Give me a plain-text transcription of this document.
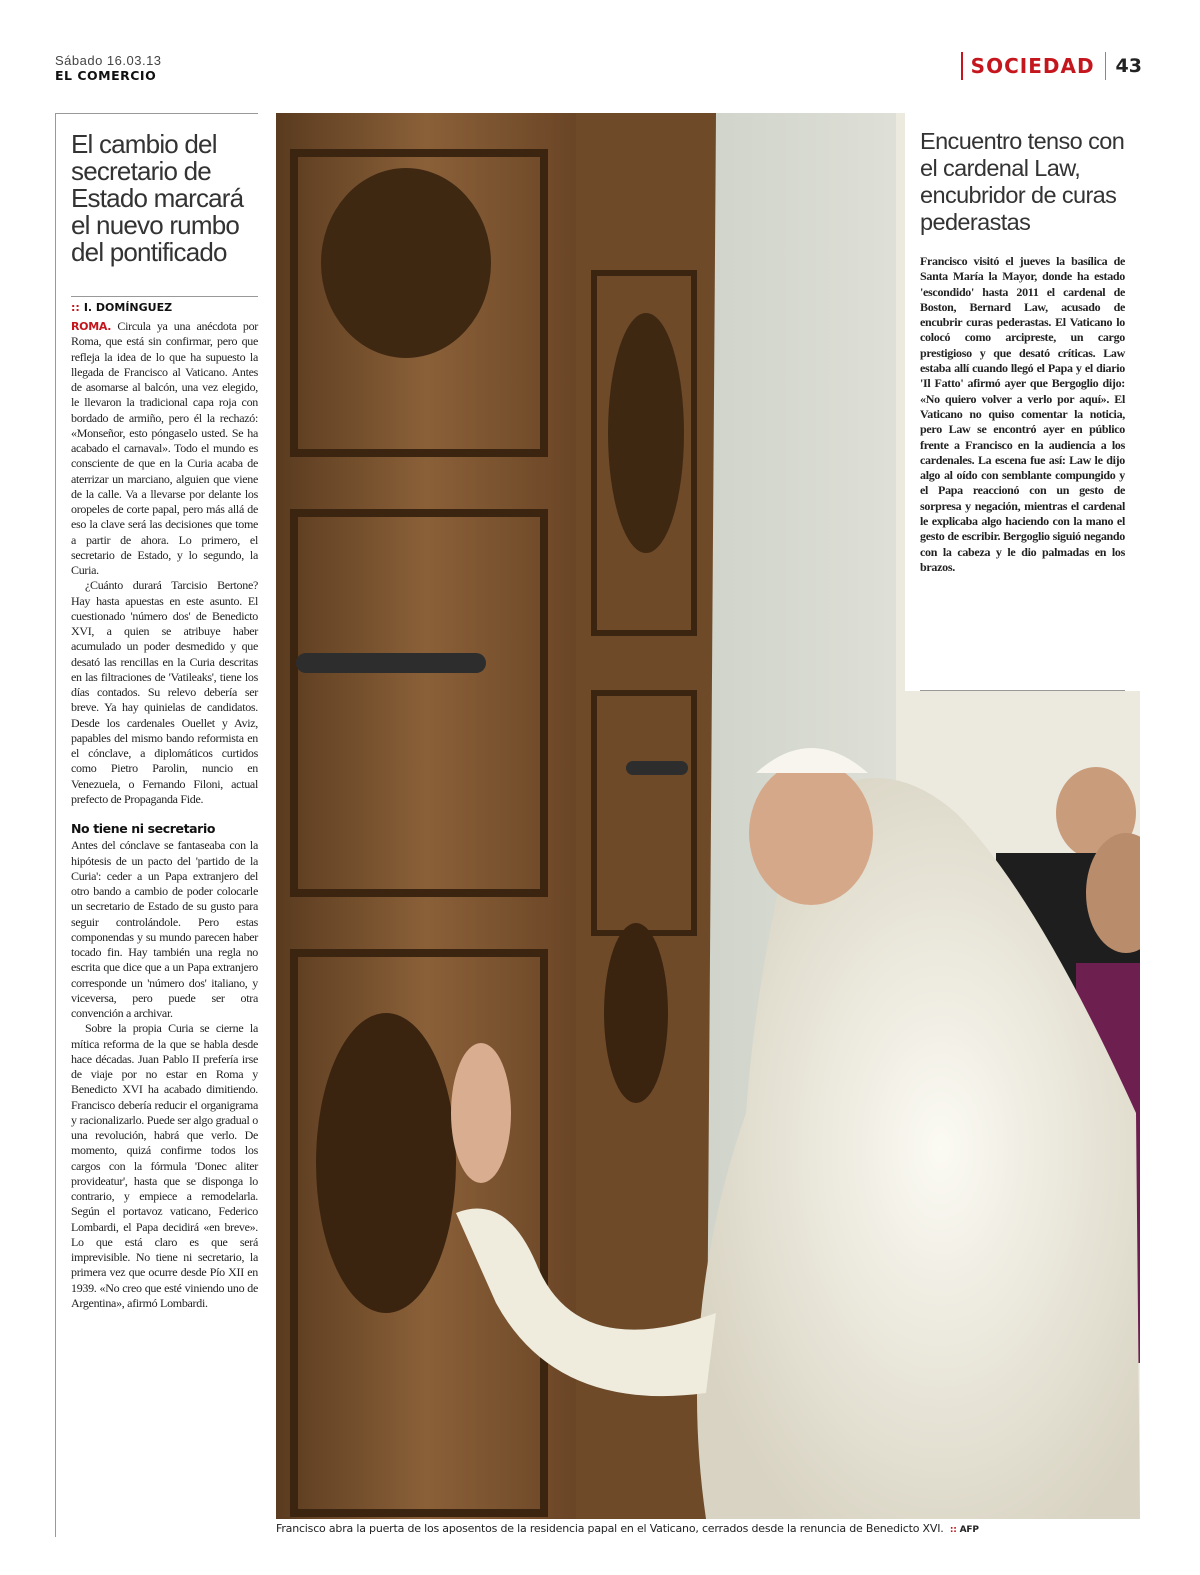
Sábado 16.03.13
EL COMERCIO	SOCIEDAD 43
El cambio del secretario de Estado marcará el nuevo rumbo del pontificado
:: I. DOMÍNGUEZ

ROMA. Circula ya una anécdota por Roma, que está sin confirmar, pero que refleja la idea de lo que ha supuesto la llegada de Francisco al Vaticano. Antes de asomarse al balcón, una vez elegido, le llevaron la tradicional capa roja con bordado de armiño, pero él la rechazó: «Monseñor, esto póngaselo usted. Se ha acabado el carnaval». Todo el mundo es consciente de que en la Curia acaba de aterrizar un marciano, alguien que viene de la calle. Va a llevarse por delante los oropeles de corte papal, pero más allá de eso la clave será las decisiones que tome a partir de ahora. Lo primero, el secretario de Estado, y lo segundo, la Curia.

¿Cuánto durará Tarcisio Bertone? Hay hasta apuestas en este asunto. El cuestionado 'número dos' de Benedicto XVI, a quien se atribuye haber acumulado un poder desmedido y que desató las rencillas en la Curia descritas en las filtraciones de 'Vatileaks', tiene los días contados. Su relevo debería ser breve. Ya hay quinielas de candidatos. Desde los cardenales Ouellet y Aviz, papables del mismo bando reformista en el cónclave, a diplomáticos curtidos como Pietro Parolin, nuncio en Venezuela, o Fernando Filoni, actual prefecto de Propaganda Fide.

No tiene ni secretario

Antes del cónclave se fantaseaba con la hipótesis de un pacto del 'partido de la Curia': ceder a un Papa extranjero del otro bando a cambio de poder colocarle un secretario de Estado de su gusto para seguir controlándole. Pero estas componendas y su mundo parecen haber tocado fin. Hay también una regla no escrita que dice que a un Papa extranjero corresponde un 'número dos' italiano, y viceversa, pero puede ser otra convención a archivar.

Sobre la propia Curia se cierne la mítica reforma de la que se habla desde hace décadas. Juan Pablo II prefería irse de viaje por no estar en Roma y Benedicto XVI ha acabado dimitiendo. Francisco debería reducir el organigrama y racionalizarlo. Puede ser algo gradual o una revolución, habrá que verlo. De momento, quizá confirme todos los cargos con la fórmula 'Donec aliter provideatur', hasta que se disponga lo contrario, y empiece a remodelarla. Según el portavoz vaticano, Federico Lombardi, el Papa decidirá «en breve». Lo que está claro es que será imprevisible. No tiene ni secretario, la primera vez que ocurre desde Pío XII en 1939. «No creo que esté viniendo uno de Argentina», afirmó Lombardi.

Encuentro tenso con el cardenal Law, encubridor de curas pederastas
Francisco visitó el jueves la basílica de Santa María la Mayor, donde ha estado 'escondido' hasta 2011 el cardenal de Boston, Bernard Law, acusado de encubrir curas pederastas. El Vaticano lo colocó como arcipreste, un cargo prestigioso y que desató críticas. Law estaba allí cuando llegó el Papa y el diario 'Il Fatto' afirmó ayer que Bergoglio dijo: «No quiero volver a verlo por aquí». El Vaticano no quiso comentar la noticia, pero Law se encontró ayer en público frente a Francisco en la audiencia a los cardenales. La escena fue así: Law le dijo algo al oído con semblante compungido y el Papa reaccionó con un gesto de sorpresa y negación, mientras el cardenal le explicaba algo haciendo con la mano el gesto de escribir. Bergoglio siguió negando con la cabeza y le dio palmadas en los brazos.
Francisco abra la puerta de los aposentos de la residencia papal en el Vaticano, cerrados desde la renuncia de Benedicto XVI. :: AFP
